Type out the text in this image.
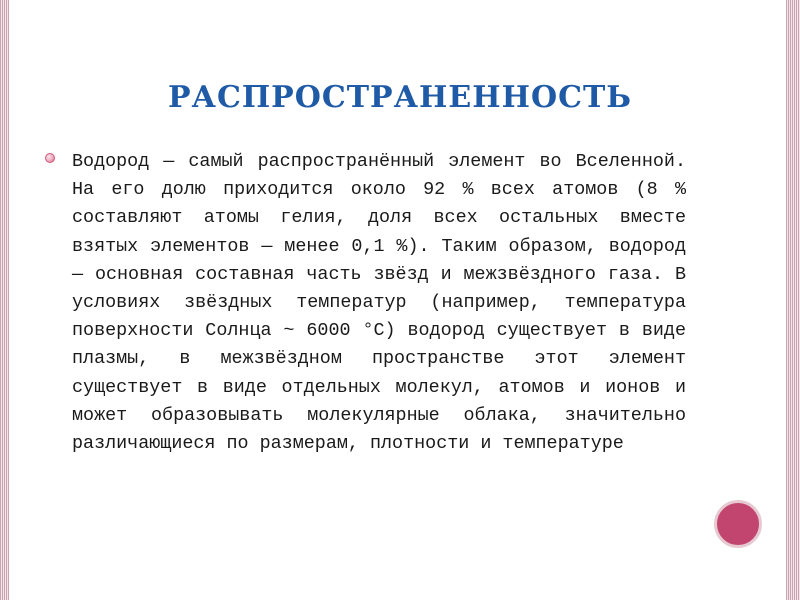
РАСПРОСТРАНЕННОСТЬ
Водород — самый распространённый элемент во Вселенной. На его долю приходится около 92 % всех атомов (8 % составляют атомы гелия, доля всех остальных вместе взятых элементов — менее 0,1 %). Таким образом, водород — основная составная часть звёзд и межзвёздного газа. В условиях звёздных температур (например, температура поверхности Солнца ~ 6000 °C) водород существует в виде плазмы, в межзвёздном пространстве этот элемент существует в виде отдельных молекул, атомов и ионов и может образовывать молекулярные облака, значительно различающиеся по размерам, плотности и температуре
